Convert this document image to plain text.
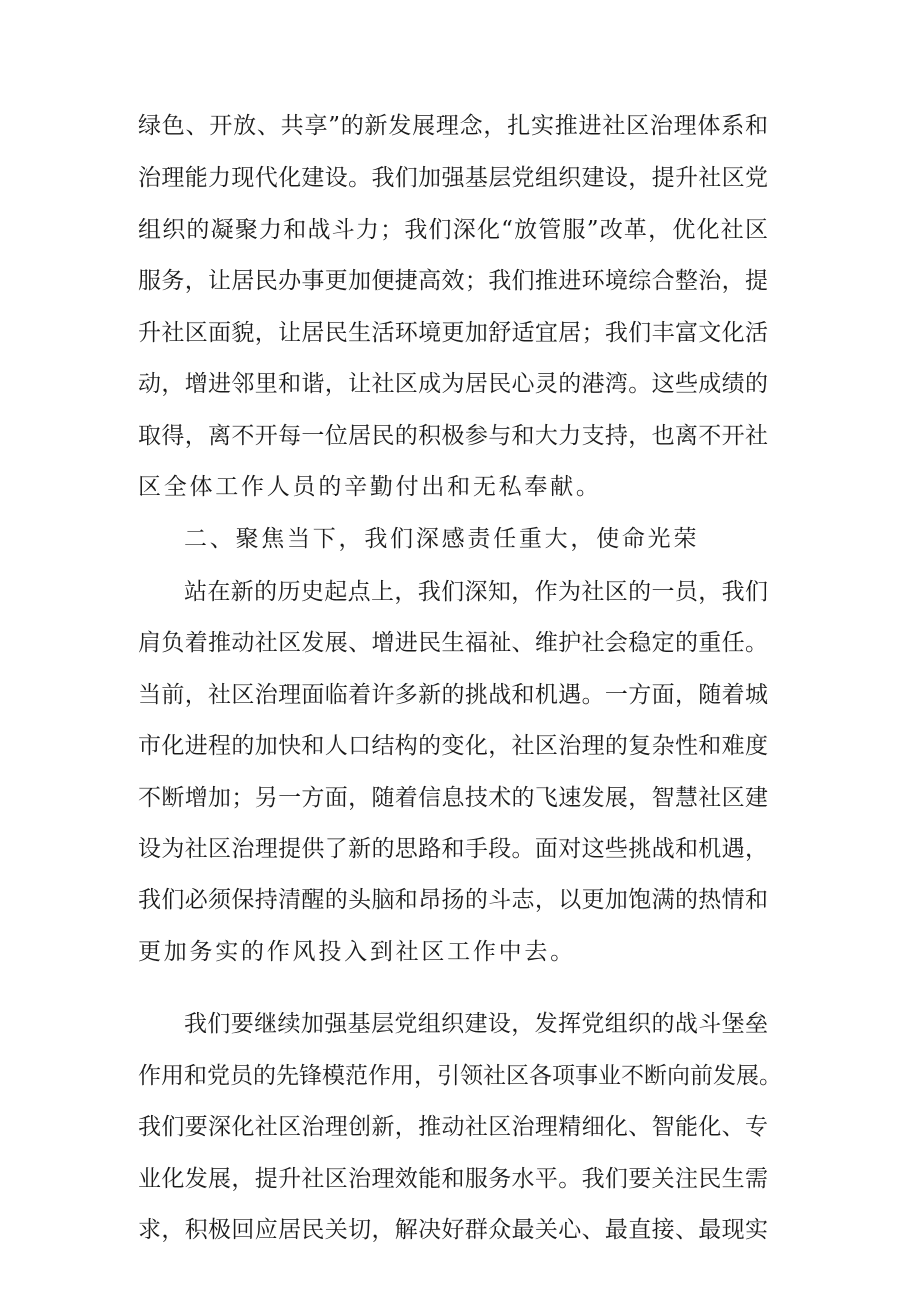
绿色、开放、共享”的新发展理念，扎实推进社区治理体系和
治理能力现代化建设。我们加强基层党组织建设，提升社区党
组织的凝聚力和战斗力；我们深化“放管服”改革，优化社区
服务，让居民办事更加便捷高效；我们推进环境综合整治，提
升社区面貌，让居民生活环境更加舒适宜居；我们丰富文化活
动，增进邻里和谐，让社区成为居民心灵的港湾。这些成绩的
取得，离不开每一位居民的积极参与和大力支持，也离不开社
区全体工作人员的辛勤付出和无私奉献。
二、聚焦当下，我们深感责任重大，使命光荣
站在新的历史起点上，我们深知，作为社区的一员，我们
肩负着推动社区发展、增进民生福祉、维护社会稳定的重任。
当前，社区治理面临着许多新的挑战和机遇。一方面，随着城
市化进程的加快和人口结构的变化，社区治理的复杂性和难度
不断增加；另一方面，随着信息技术的飞速发展，智慧社区建
设为社区治理提供了新的思路和手段。面对这些挑战和机遇，
我们必须保持清醒的头脑和昂扬的斗志，以更加饱满的热情和
更加务实的作风投入到社区工作中去。
我们要继续加强基层党组织建设，发挥党组织的战斗堡垒
作用和党员的先锋模范作用，引领社区各项事业不断向前发展。
我们要深化社区治理创新，推动社区治理精细化、智能化、专
业化发展，提升社区治理效能和服务水平。我们要关注民生需
求，积极回应居民关切，解决好群众最关心、最直接、最现实
